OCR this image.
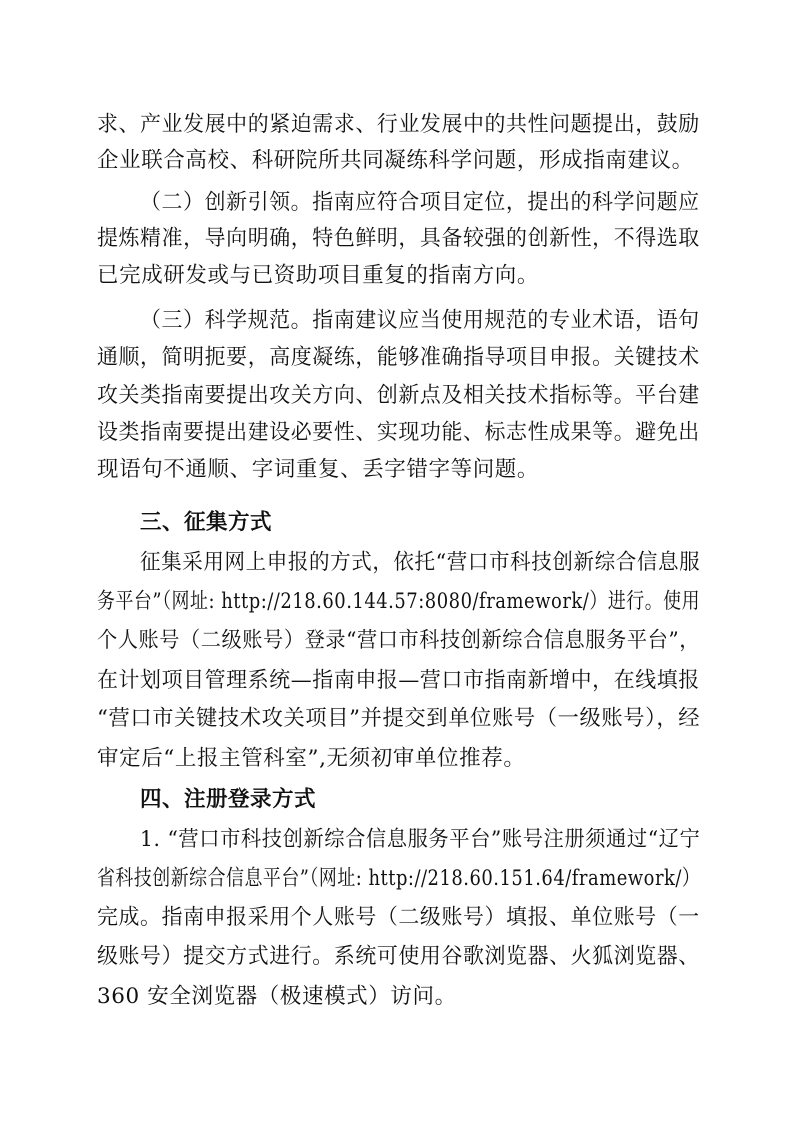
求、产业发展中的紧迫需求、行业发展中的共性问题提出，鼓励
企业联合高校、科研院所共同凝练科学问题，形成指南建议。
（二）创新引领。指南应符合项目定位，提出的科学问题应
提炼精准，导向明确，特色鲜明，具备较强的创新性，不得选取
已完成研发或与已资助项目重复的指南方向。
（三）科学规范。指南建议应当使用规范的专业术语，语句
通顺，简明扼要，高度凝练，能够准确指导项目申报。关键技术
攻关类指南要提出攻关方向、创新点及相关技术指标等。平台建
设类指南要提出建设必要性、实现功能、标志性成果等。避免出
现语句不通顺、字词重复、丢字错字等问题。
三、征集方式
征集采用网上申报的方式，依托“营口市科技创新综合信息服
务平台”（网址: http://218.60.144.57:8080/framework/）进行。使用
个人账号（二级账号）登录“营口市科技创新综合信息服务平台”，
在计划项目管理系统—指南申报—营口市指南新增中，在线填报
“营口市关键技术攻关项目”并提交到单位账号（一级账号），经
审定后“上报主管科室”,无须初审单位推荐。
四、注册登录方式
1. “营口市科技创新综合信息服务平台”账号注册须通过“辽宁
省科技创新综合信息平台”（网址: http://218.60.151.64/framework/）
完成。指南申报采用个人账号（二级账号）填报、单位账号（一
级账号）提交方式进行。系统可使用谷歌浏览器、火狐浏览器、
360 安全浏览器（极速模式）访问。
